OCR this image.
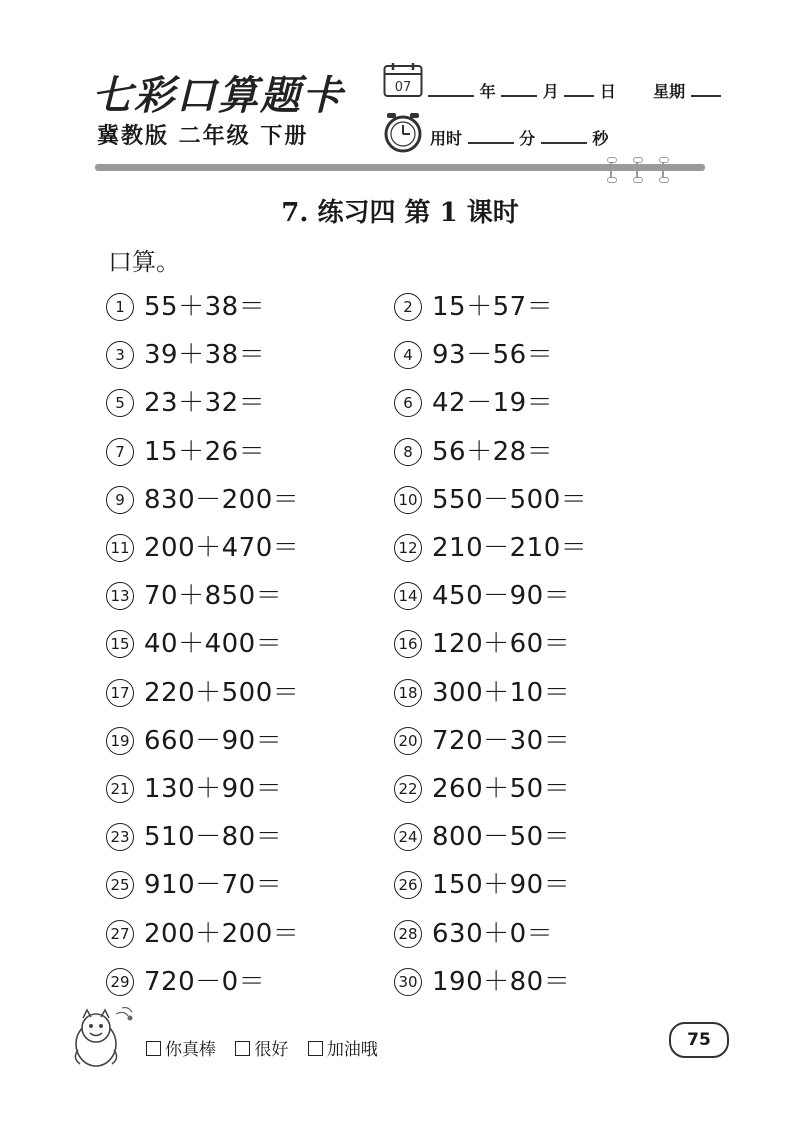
七彩口算题卡
冀教版 二年级 下册
07	年	月	日 星期
用时	分	秒
7. 练习四 第 1 课时
口算。
1 55＋38＝	2 15＋57＝
3 39＋38＝	4 93－56＝
5 23＋32＝	6 42－19＝
7 15＋26＝	8 56＋28＝
9 830－200＝	10 550－500＝
11 200＋470＝	12 210－210＝
13 70＋850＝	14 450－90＝
15 40＋400＝	16 120＋60＝
17 220＋500＝	18 300＋10＝
19 660－90＝	20 720－30＝
21 130＋90＝	22 260＋50＝
23 510－80＝	24 800－50＝
25 910－70＝	26 150＋90＝
27 200＋200＝	28 630＋0＝
29 720－0＝	30 190＋80＝
你真棒 很好 加油哦	75
